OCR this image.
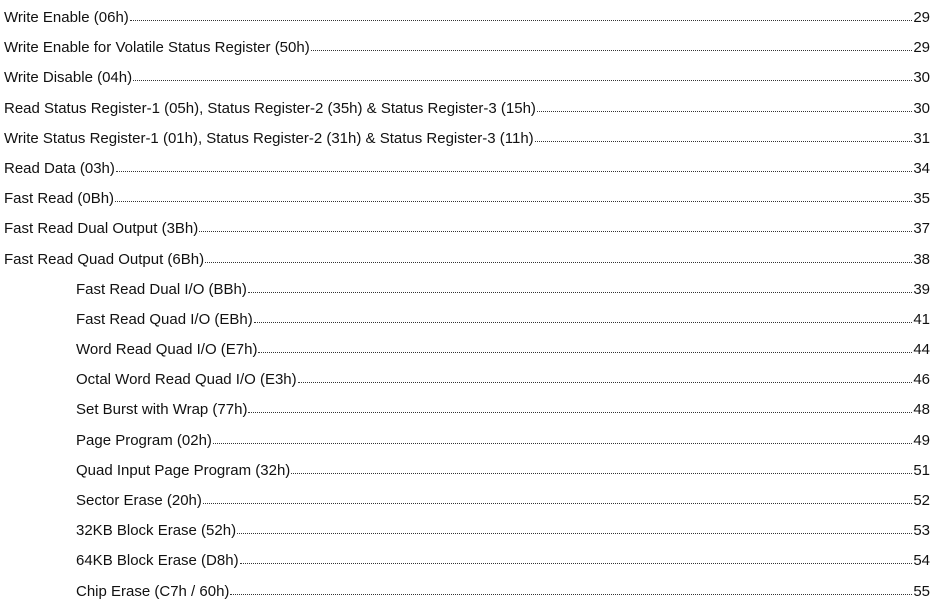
Write Enable (06h)	29
Write Enable for Volatile Status Register (50h)	29
Write Disable (04h)	30
Read Status Register-1 (05h), Status Register-2 (35h) & Status Register-3 (15h)	30
Write Status Register-1 (01h), Status Register-2 (31h) & Status Register-3 (11h)	31
Read Data (03h)	34
Fast Read (0Bh)	35
Fast Read Dual Output (3Bh)	37
Fast Read Quad Output (6Bh)	38
Fast Read Dual I/O (BBh)	39
Fast Read Quad I/O (EBh)	41
Word Read Quad I/O (E7h)	44
Octal Word Read Quad I/O (E3h)	46
Set Burst with Wrap (77h)	48
Page Program (02h)	49
Quad Input Page Program (32h)	51
Sector Erase (20h)	52
32KB Block Erase (52h)	53
64KB Block Erase (D8h)	54
Chip Erase (C7h / 60h)	55
